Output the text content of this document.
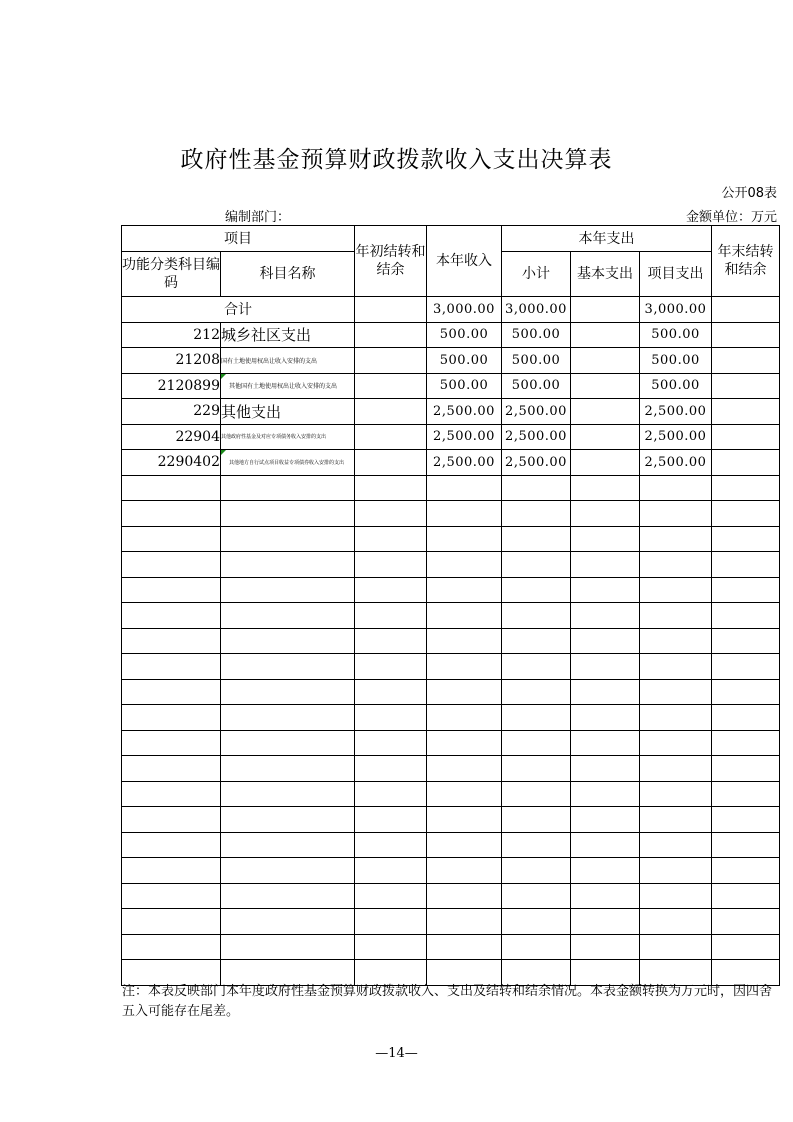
政府性基金预算财政拨款收入支出决算表
公开08表
编制部门：	金额单位：万元
项目		年初结转和结余	本年收入	本年支出			年末结转和结余
功能分类科目编码	科目名称			小计	基本支出	项目支出	
合计			3,000.00	3,000.00		3,000.00	
212	城乡社区支出		500.00	500.00		500.00	
21208	国有土地使用权出让收入安排的支出		500.00	500.00		500.00	
2120899	其他国有土地使用权出让收入安排的支出		500.00	500.00		500.00	
229	其他支出		2,500.00	2,500.00		2,500.00	
22904	其他政府性基金及对应专项债务收入安排的支出		2,500.00	2,500.00		2,500.00	
2290402	其他地方自行试点项目收益专项债券收入安排的支出		2,500.00	2,500.00		2,500.00	

注：本表反映部门本年度政府性基金预算财政拨款收入、支出及结转和结余情况。本表金额转换为万元时，因四舍五入可能存在尾差。
—14—
